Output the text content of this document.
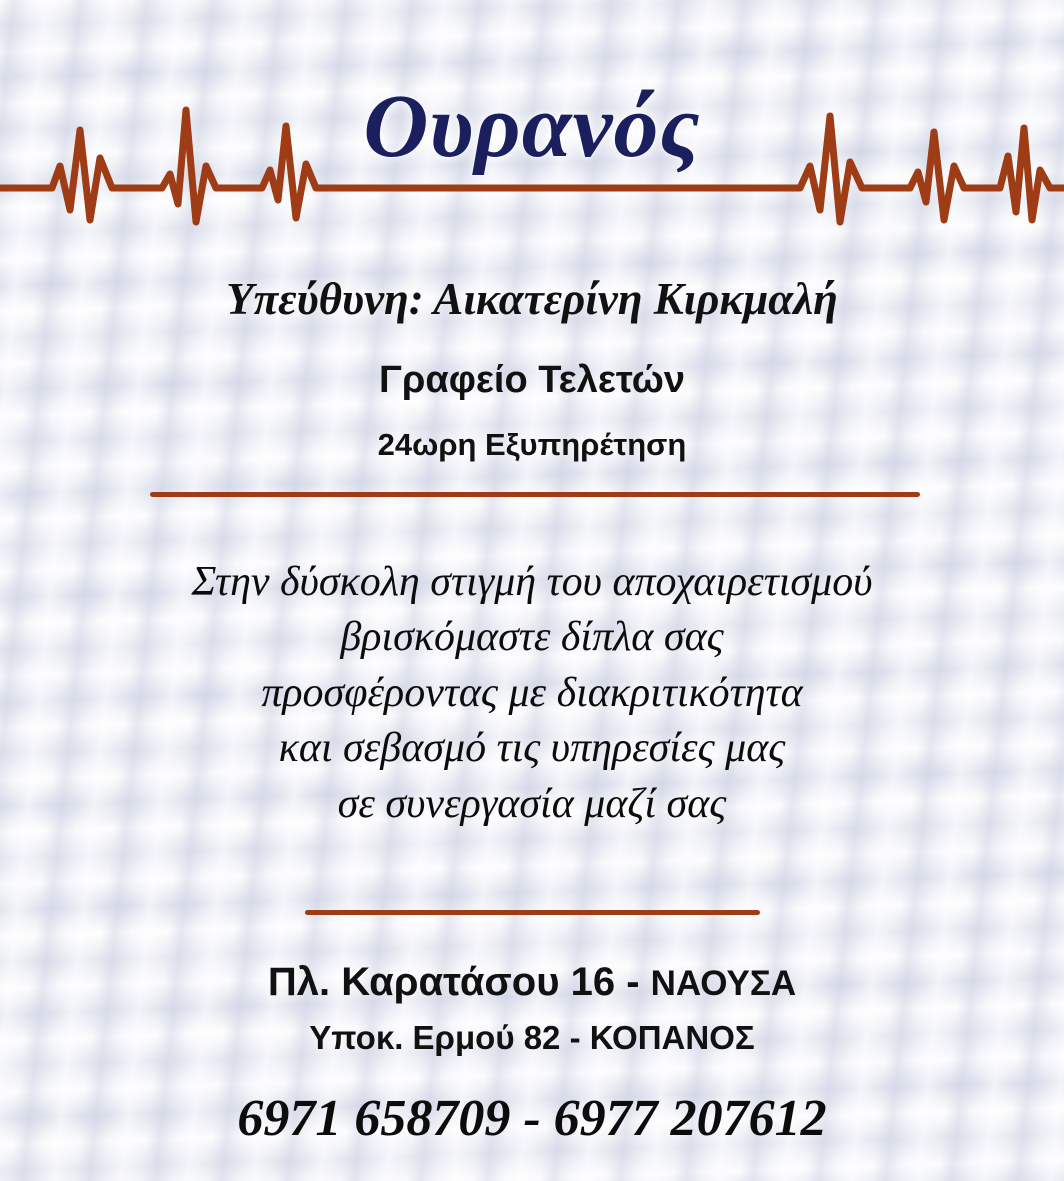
Ουρανός
Υπεύθυνη: Αικατερίνη Κιρκμαλή
Γραφείο Τελετών
24ωρη Εξυπηρέτηση
Στην δύσκολη στιγμή του αποχαιρετισμού
βρισκόμαστε δίπλα σας
προσφέροντας με διακριτικότητα
και σεβασμό τις υπηρεσίες μας
σε συνεργασία μαζί σας
Πλ. Καρατάσου 16 - ΝΑΟΥΣΑ
Υποκ. Ερμού 82 - ΚΟΠΑΝΟΣ
6971 658709 - 6977 207612
